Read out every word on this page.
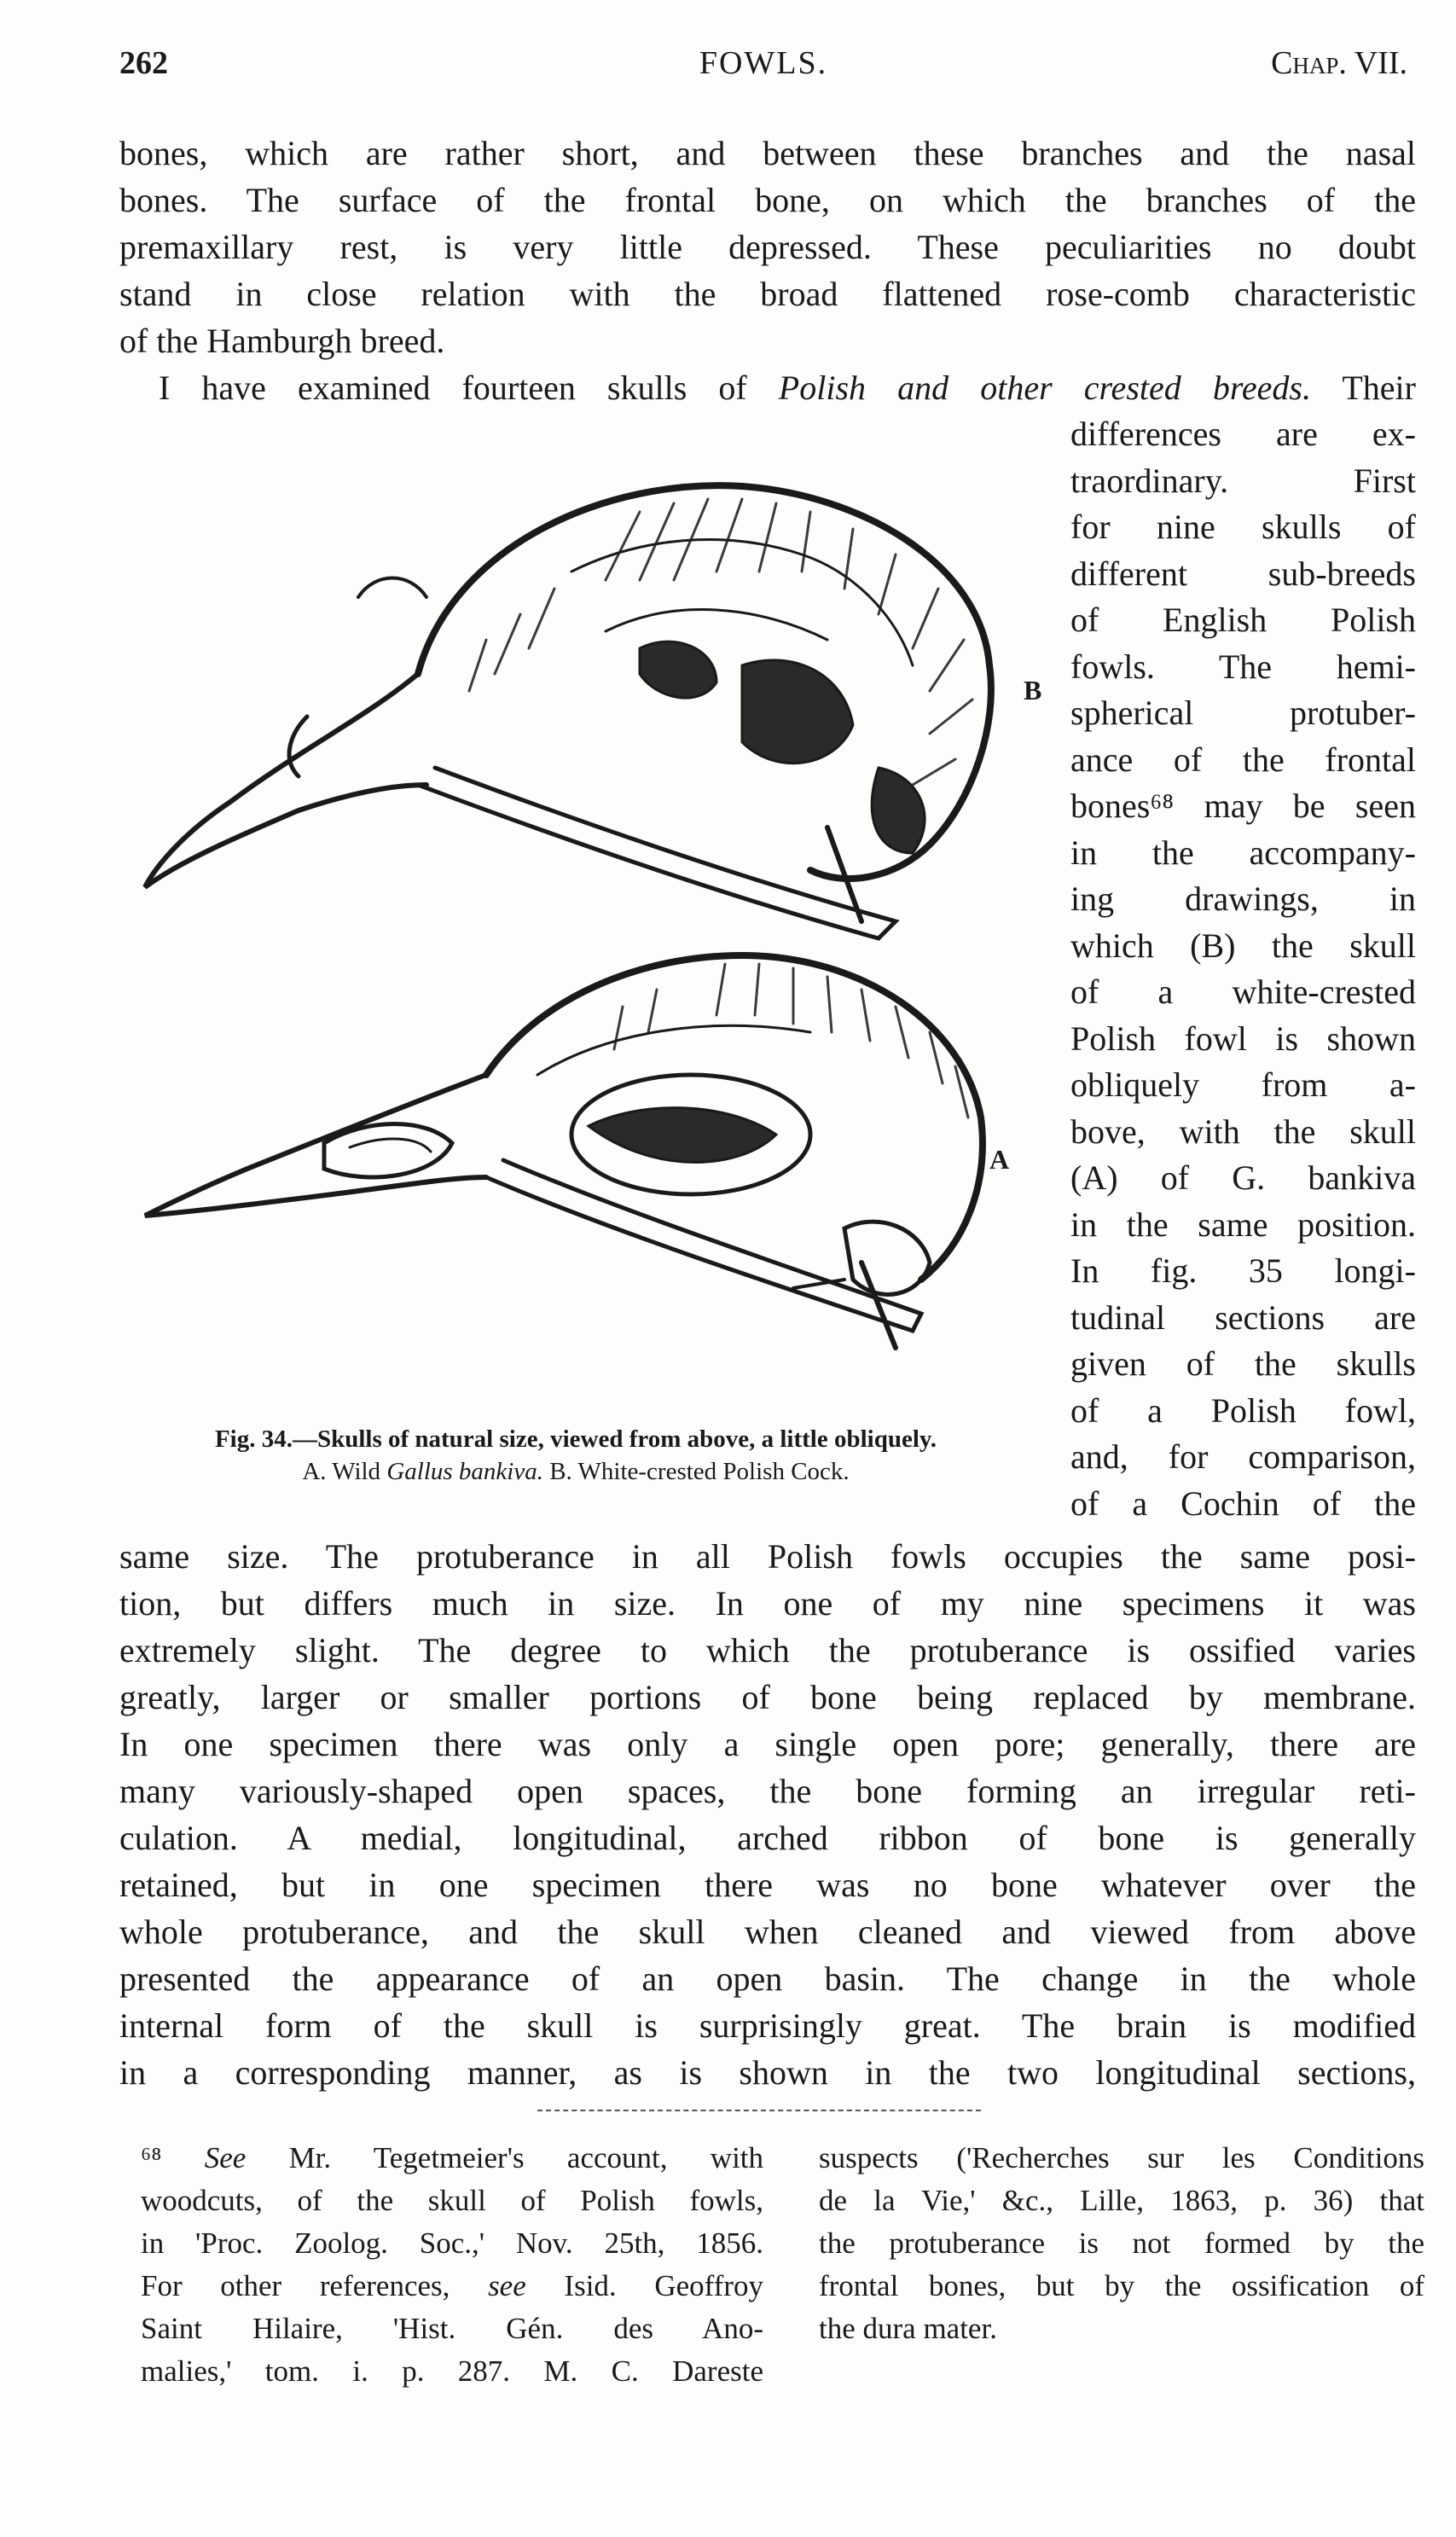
262	FOWLS.	Chap. VII.
bones, which are rather short, and between these branches and the nasal
bones. The surface of the frontal bone, on which the branches of the
premaxillary rest, is very little depressed. These peculiarities no doubt
stand in close relation with the broad flattened rose-comb characteristic
of the Hamburgh breed.
I have examined fourteen skulls of Polish and other crested breeds. Their
differences are ex-
traordinary. First
for nine skulls of
different sub-breeds
of English Polish
fowls. The hemi-
spherical protuber-
ance of the frontal
bones⁶⁸ may be seen
in the accompany-
ing drawings, in
which (B) the skull
of a white-crested
Polish fowl is shown
obliquely from a-
bove, with the skull
(A) of G. bankiva
in the same position.
In fig. 35 longi-
tudinal sections are
given of the skulls
of a Polish fowl,
and, for comparison,
of a Cochin of the
B
A
Fig. 34.—Skulls of natural size, viewed from above, a little obliquely.
A. Wild Gallus bankiva. B. White-crested Polish Cock.
same size. The protuberance in all Polish fowls occupies the same posi-
tion, but differs much in size. In one of my nine specimens it was
extremely slight. The degree to which the protuberance is ossified varies
greatly, larger or smaller portions of bone being replaced by membrane.
In one specimen there was only a single open pore; generally, there are
many variously-shaped open spaces, the bone forming an irregular reti-
culation. A medial, longitudinal, arched ribbon of bone is generally
retained, but in one specimen there was no bone whatever over the
whole protuberance, and the skull when cleaned and viewed from above
presented the appearance of an open basin. The change in the whole
internal form of the skull is surprisingly great. The brain is modified
in a corresponding manner, as is shown in the two longitudinal sections,
⁶⁸ See Mr. Tegetmeier's account, with
woodcuts, of the skull of Polish fowls,
in 'Proc. Zoolog. Soc.,' Nov. 25th, 1856.
For other references, see Isid. Geoffroy
Saint Hilaire, 'Hist. Gén. des Ano-
malies,' tom. i. p. 287. M. C. Dareste
suspects ('Recherches sur les Conditions
de la Vie,' &c., Lille, 1863, p. 36) that
the protuberance is not formed by the
frontal bones, but by the ossification of
the dura mater.
